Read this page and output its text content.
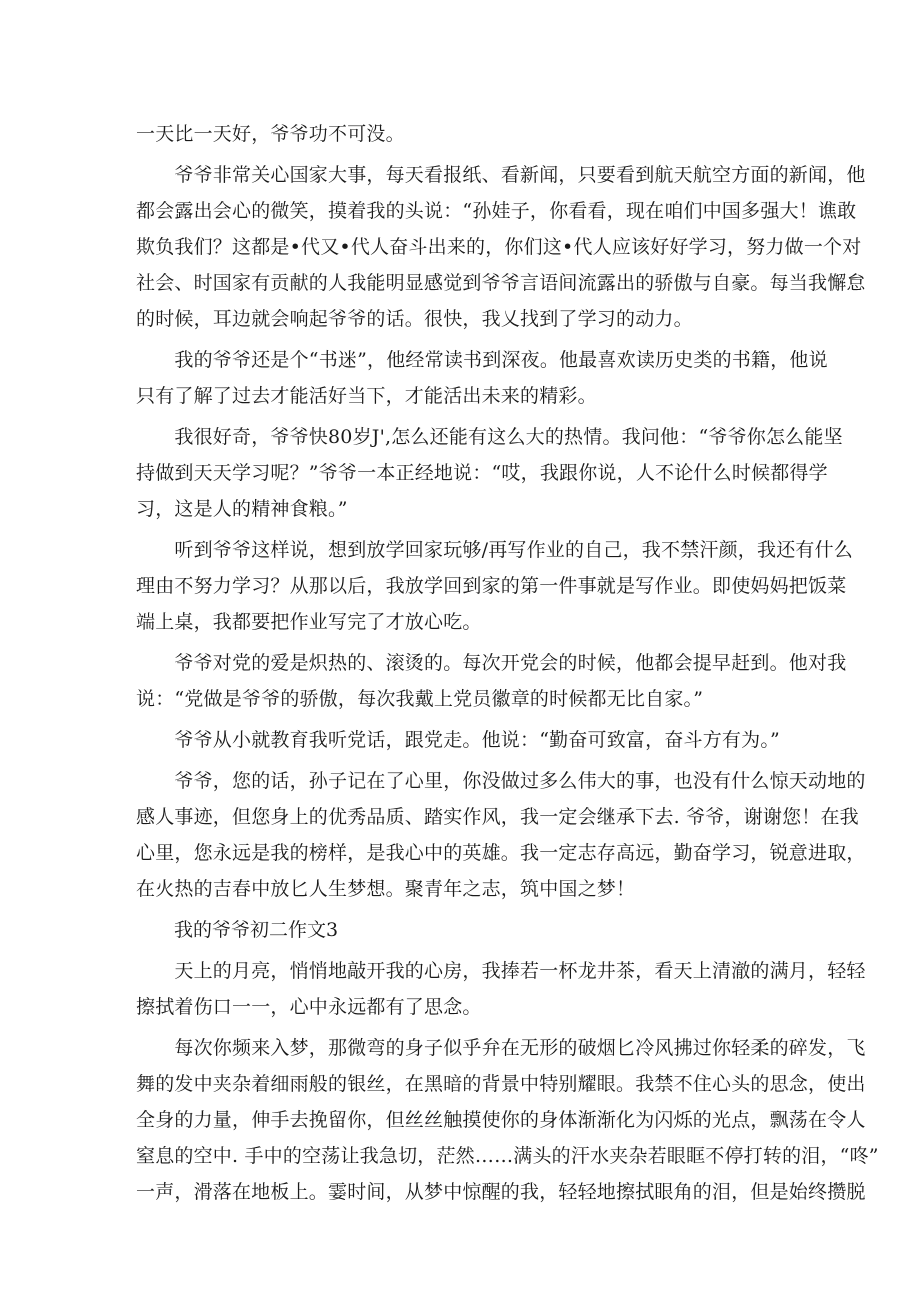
一天比一天好，爷爷功不可没。
　　爷爷非常关心国家大事，每天看报纸、看新闻，只要看到航天航空方面的新闻，他
都会露出会心的微笑，摸着我的头说：“孙娃子，你看看，现在咱们中国多强大！谯敢
欺负我们？这都是•代又•代人奋斗出来的，你们这•代人应该好好学习，努力做一个对
社会、时国家有贡献的人我能明显感觉到爷爷言语间流露出的骄傲与自豪。每当我懈怠
的时候，耳边就会响起爷爷的话。很快，我乂找到了学习的动力。
　　我的爷爷还是个“书迷”，他经常读书到深夜。他最喜欢读历史类的书籍，他说
只有了解了过去才能活好当下，才能活出未来的精彩。
　　我很好奇，爷爷快80岁J',怎么还能有这么大的热情。我问他：“爷爷你怎么能坚
持做到天天学习呢？”爷爷一本正经地说：“哎，我跟你说，人不论什么时候都得学
习，这是人的精神食粮。”
　　听到爷爷这样说，想到放学回家玩够/再写作业的自己，我不禁汗颜，我还有什么
理由不努力学习？从那以后，我放学回到家的第一件事就是写作业。即使妈妈把饭菜
端上桌，我都要把作业写完了才放心吃。
　　爷爷对党的爱是炽热的、滚烫的。每次开党会的时候，他都会提早赶到。他对我
说：“党做是爷爷的骄傲，每次我戴上党员徽章的时候都无比自家。”
　　爷爷从小就教育我听党话，跟党走。他说：“勤奋可致富，奋斗方有为。”
　　爷爷，您的话，孙子记在了心里，你没做过多么伟大的事，也没有什么惊天动地的
感人事迹，但您身上的优秀品质、踏实作风，我一定会继承下去. 爷爷，谢谢您！在我
心里，您永远是我的榜样，是我心中的英雄。我一定志存高远，勤奋学习，锐意进取，
在火热的吉春中放匕人生梦想。聚青年之志，筑中国之梦！
　　我的爷爷初二作文3
　　天上的月亮，悄悄地敲开我的心房，我捧若一杯龙井茶，看天上清澈的满月，轻轻
擦拭着伤口一一，心中永远都有了思念。
　　每次你频来入梦，那微弯的身子似乎弁在无形的破烟匕冷风拂过你轻柔的碎发，飞
舞的发中夹杂着细雨般的银丝，在黑暗的背景中特别耀眼。我禁不住心头的思念，使出
全身的力量，伸手去挽留你，但丝丝触摸使你的身体渐渐化为闪烁的光点，飘荡在令人
窒息的空中. 手中的空荡让我急切，茫然……满头的汗水夹杂若眼眶不停打转的泪，“咚”
一声，滑落在地板上。霎时间，从梦中惊醒的我，轻轻地擦拭眼角的泪，但是始终攒脱
